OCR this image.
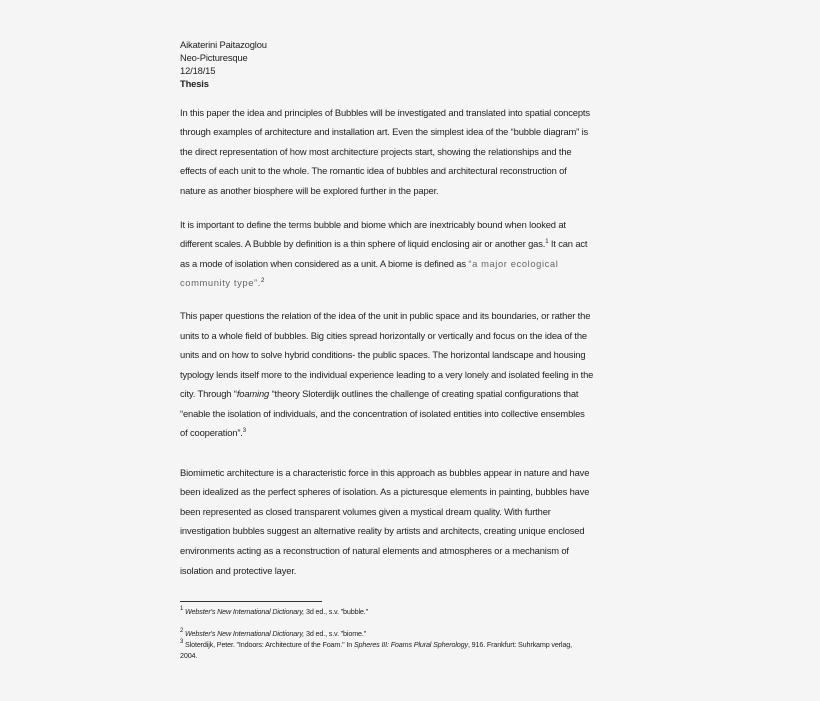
Aikaterini Paitazoglou
Neo-Picturesque
12/18/15
Thesis
In this paper the idea and principles of Bubbles will be investigated and translated into spatial concepts
through examples of architecture and installation art. Even the simplest idea of the “bubble diagram” is
the direct representation of how most architecture projects start, showing the relationships and the
effects of each unit to the whole. The romantic idea of bubbles and architectural reconstruction of
nature as another biosphere will be explored further in the paper.
It is important to define the terms bubble and biome which are inextricably bound when looked at
different scales. A Bubble by definition is a thin sphere of liquid enclosing air or another gas.$^1$ It can act
as a mode of isolation when considered as a unit. A biome is defined as “a major ecological
community type”.$^2$
This paper questions the relation of the idea of the unit in public space and its boundaries, or rather the
units to a whole field of bubbles. Big cities spread horizontally or vertically and focus on the idea of the
units and on how to solve hybrid conditions- the public spaces. The horizontal landscape and housing
typology lends itself more to the individual experience leading to a very lonely and isolated feeling in the
city. Through “foaming “theory Sloterdijk outlines the challenge of creating spatial configurations that
“enable the isolation of individuals, and the concentration of isolated entities into collective ensembles
of cooperation”.$^3$
Biomimetic architecture is a characteristic force in this approach as bubbles appear in nature and have
been idealized as the perfect spheres of isolation. As a picturesque elements in painting, bubbles have
been represented as closed transparent volumes given a mystical dream quality. With further
investigation bubbles suggest an alternative reality by artists and architects, creating unique enclosed
environments acting as a reconstruction of natural elements and atmospheres or a mechanism of
isolation and protective layer.
$^1$ Webster's New International Dictionary, 3d ed., s.v. "bubble."
$^2$ Webster's New International Dictionary, 3d ed., s.v. "biome."
$^3$ Sloterdijk, Peter. "Indoors: Architecture of the Foam." In Spheres III: Foams Plural Spherology, 916. Frankfurt: Suhrkamp verlag,
2004.
